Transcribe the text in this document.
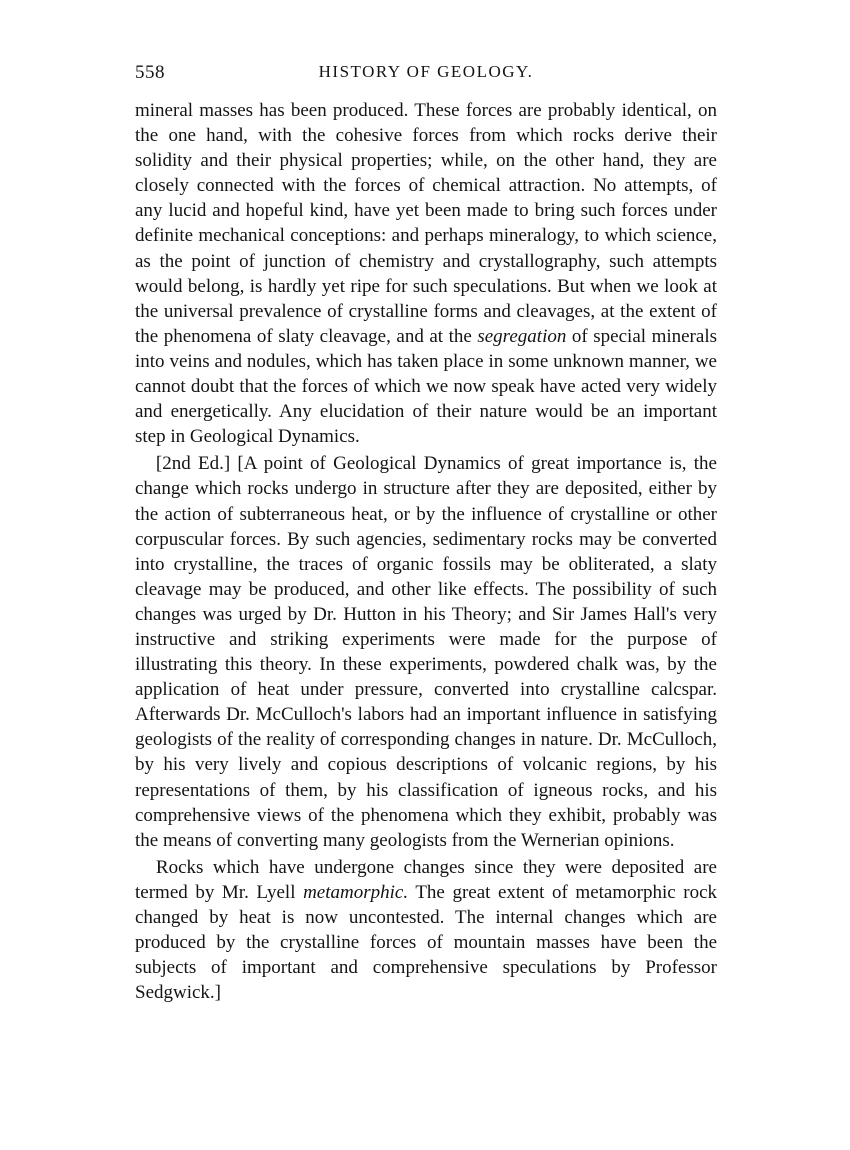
558	HISTORY OF GEOLOGY.

mineral masses has been produced. These forces are probably identical, on the one hand, with the cohesive forces from which rocks derive their solidity and their physical properties; while, on the other hand, they are closely connected with the forces of chemical attraction. No attempts, of any lucid and hopeful kind, have yet been made to bring such forces under definite mechanical conceptions: and perhaps mineralogy, to which science, as the point of junction of chemistry and crystallography, such attempts would belong, is hardly yet ripe for such speculations. But when we look at the universal prevalence of crystalline forms and cleavages, at the extent of the phenomena of slaty cleavage, and at the segregation of special minerals into veins and nodules, which has taken place in some unknown manner, we cannot doubt that the forces of which we now speak have acted very widely and energetically. Any elucidation of their nature would be an important step in Geological Dynamics.

[2nd Ed.] [A point of Geological Dynamics of great importance is, the change which rocks undergo in structure after they are deposited, either by the action of subterraneous heat, or by the influence of crystalline or other corpuscular forces. By such agencies, sedimentary rocks may be converted into crystalline, the traces of organic fossils may be obliterated, a slaty cleavage may be produced, and other like effects. The possibility of such changes was urged by Dr. Hutton in his Theory; and Sir James Hall's very instructive and striking experiments were made for the purpose of illustrating this theory. In these experiments, powdered chalk was, by the application of heat under pressure, converted into crystalline calcspar. Afterwards Dr. McCulloch's labors had an important influence in satisfying geologists of the reality of corresponding changes in nature. Dr. McCulloch, by his very lively and copious descriptions of volcanic regions, by his representations of them, by his classification of igneous rocks, and his comprehensive views of the phenomena which they exhibit, probably was the means of converting many geologists from the Wernerian opinions.

Rocks which have undergone changes since they were deposited are termed by Mr. Lyell metamorphic. The great extent of metamorphic rock changed by heat is now uncontested. The internal changes which are produced by the crystalline forces of mountain masses have been the subjects of important and comprehensive speculations by Professor Sedgwick.]
